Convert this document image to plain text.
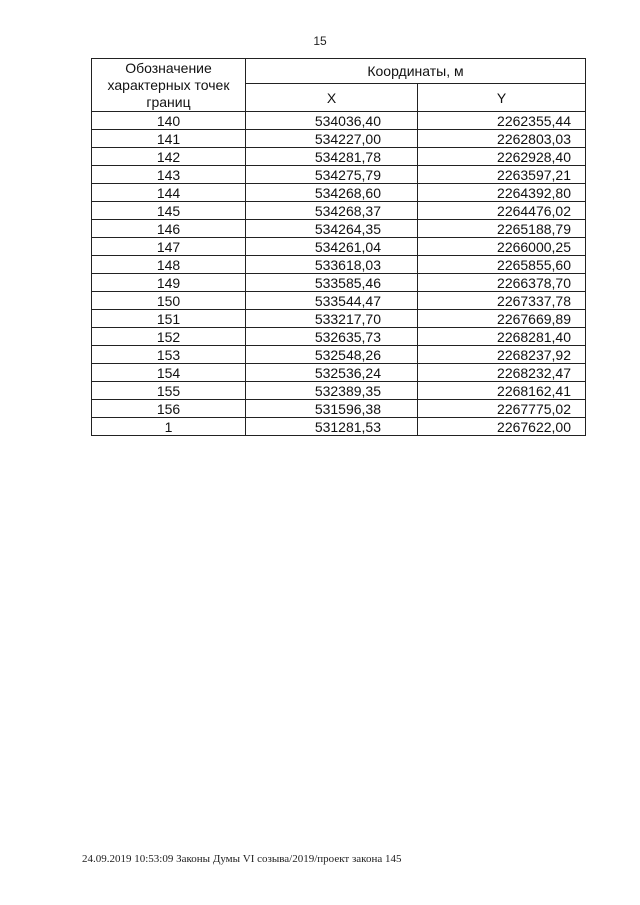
15
Обозначение характерных точек границ	Координаты, м	
	X	Y
140	534036,40	2262355,44
141	534227,00	2262803,03
142	534281,78	2262928,40
143	534275,79	2263597,21
144	534268,60	2264392,80
145	534268,37	2264476,02
146	534264,35	2265188,79
147	534261,04	2266000,25
148	533618,03	2265855,60
149	533585,46	2266378,70
150	533544,47	2267337,78
151	533217,70	2267669,89
152	532635,73	2268281,40
153	532548,26	2268237,92
154	532536,24	2268232,47
155	532389,35	2268162,41
156	531596,38	2267775,02
1	531281,53	2267622,00
24.09.2019 10:53:09 Законы Думы VI созыва/2019/проект закона 145
